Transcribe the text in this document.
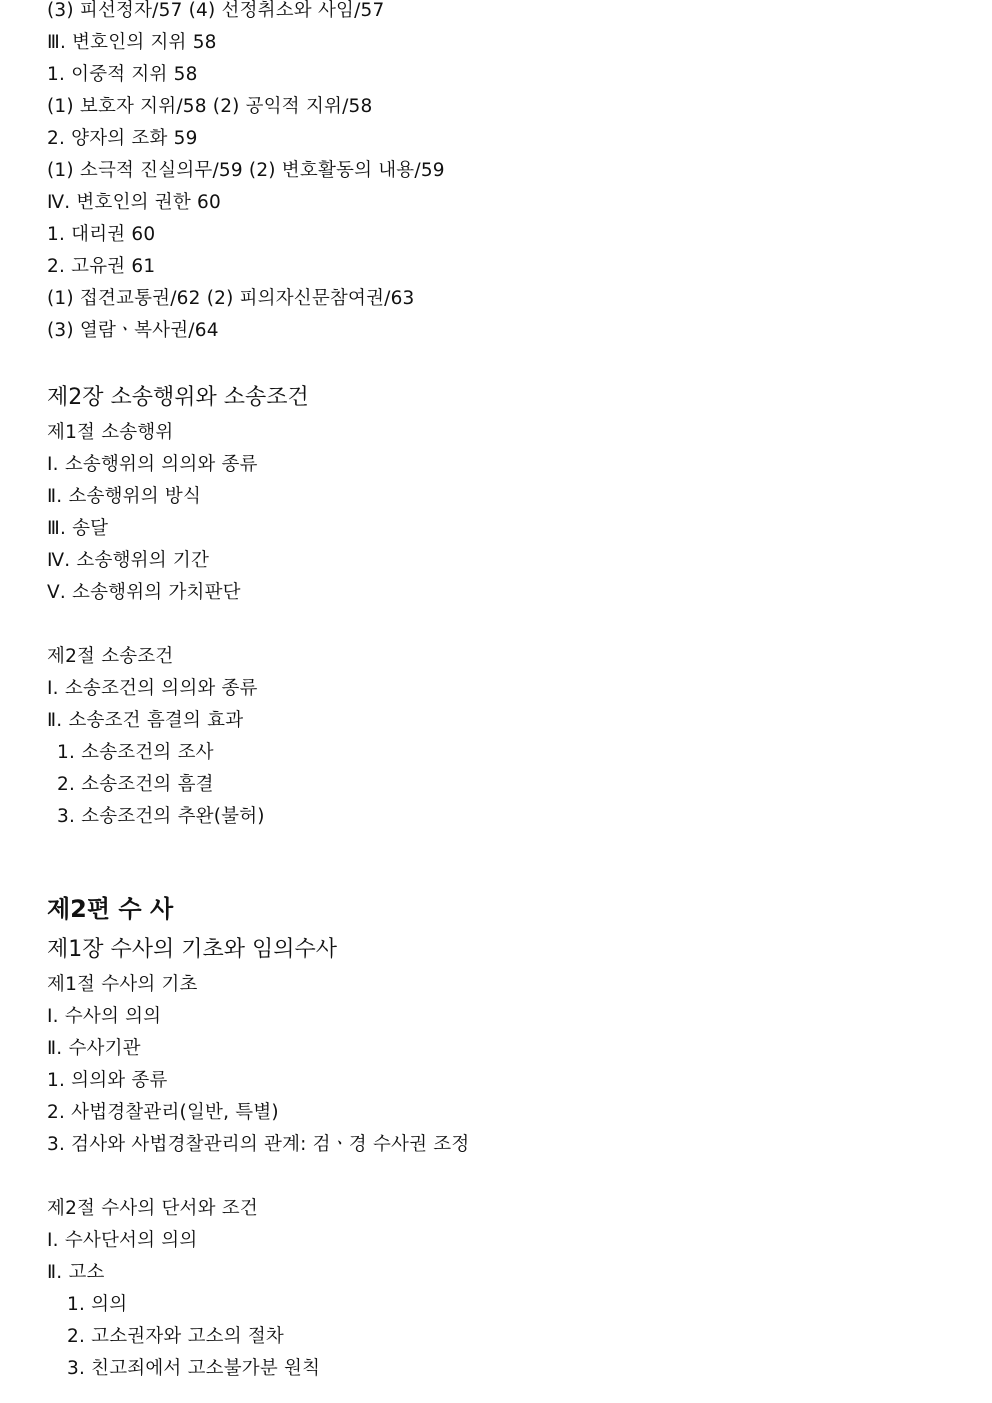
(3) 피선정자/57 (4) 선정취소와 사임/57
Ⅲ. 변호인의 지위 58
1. 이중적 지위 58
(1) 보호자 지위/58 (2) 공익적 지위/58
2. 양자의 조화 59
(1) 소극적 진실의무/59 (2) 변호활동의 내용/59
Ⅳ. 변호인의 권한 60
1. 대리권 60
2. 고유권 61
(1) 접견교통권/62 (2) 피의자신문참여권/63
(3) 열람ㆍ복사권/64
제2장 소송행위와 소송조건
제1절 소송행위
Ⅰ. 소송행위의 의의와 종류
Ⅱ. 소송행위의 방식
Ⅲ. 송달
Ⅳ. 소송행위의 기간
Ⅴ. 소송행위의 가치판단
제2절 소송조건
Ⅰ. 소송조건의 의의와 종류
Ⅱ. 소송조건 흠결의 효과
1. 소송조건의 조사
2. 소송조건의 흠결
3. 소송조건의 추완(불허)
제2편 수 사
제1장 수사의 기초와 임의수사
제1절 수사의 기초
Ⅰ. 수사의 의의
Ⅱ. 수사기관
1. 의의와 종류
2. 사법경찰관리(일반, 특별)
3. 검사와 사법경찰관리의 관계: 검ㆍ경 수사권 조정
제2절 수사의 단서와 조건
Ⅰ. 수사단서의 의의
Ⅱ. 고소
1. 의의
2. 고소권자와 고소의 절차
3. 친고죄에서 고소불가분 원칙
